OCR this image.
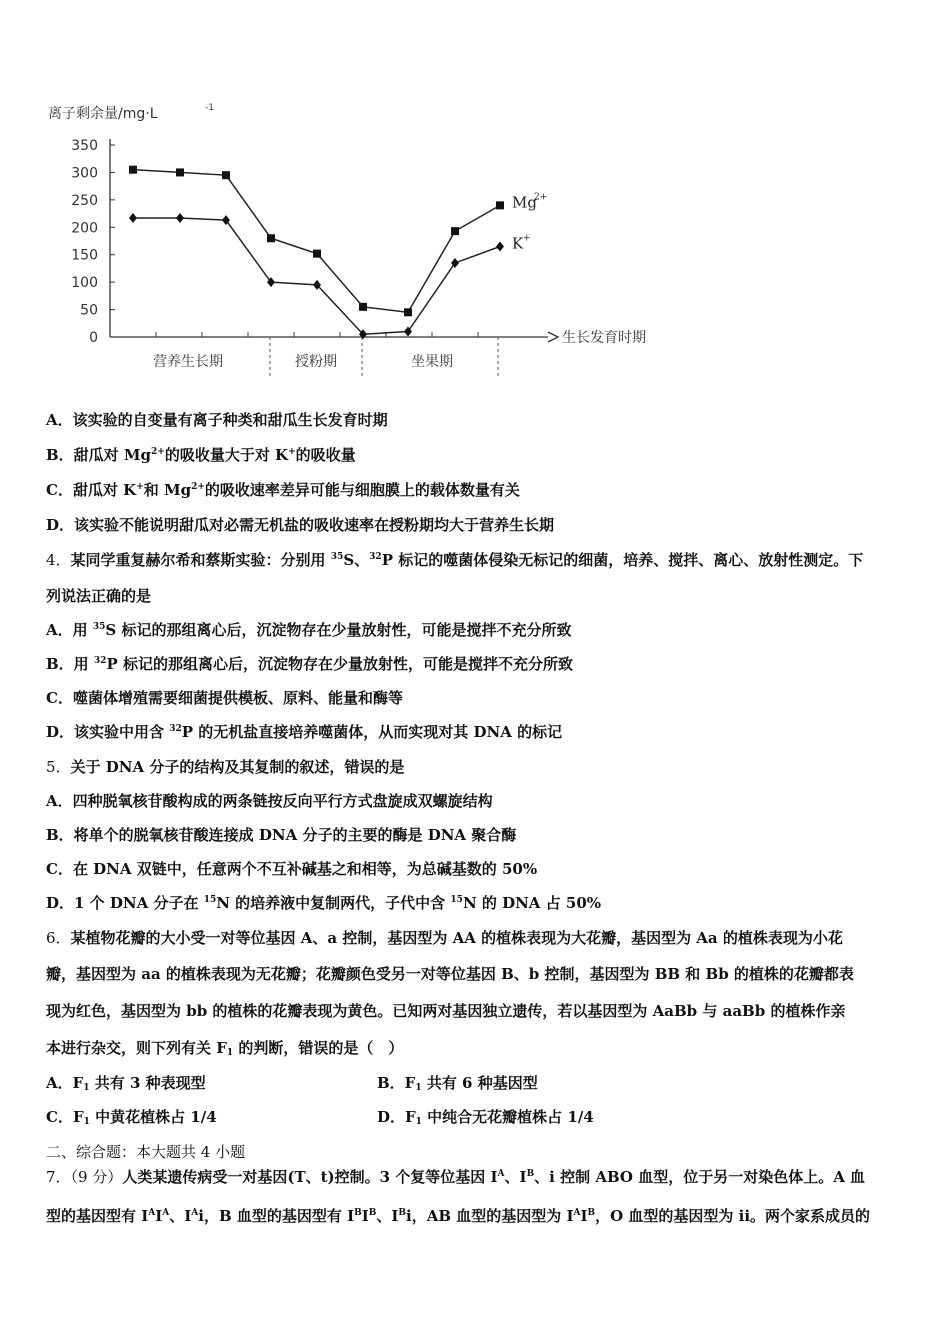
350
300
250
200
150
100
50
0
离子剩余量/mg·L	-1
生长发育时期
营养生长期	授粉期	坐果期
Mg
2+
K +
A．该实验的自变量有离子种类和甜瓜生长发育时期
B．甜瓜对 $Mg^{2+}$的吸收量大于对 K+的吸收量
C．甜瓜对 K+和 $Mg^{2+}$的吸收速率差异可能与细胞膜上的载体数量有关
D．该实验不能说明甜瓜对必需无机盐的吸收速率在授粉期均大于营养生长期
4．某同学重复赫尔希和蔡斯实验：分别用 $^{35}$S、$^{32}$P 标记的噬菌体侵染无标记的细菌，培养、搅拌、离心、放射性测定。下
列说法正确的是
A．用 $^{35}$S 标记的那组离心后，沉淀物存在少量放射性，可能是搅拌不充分所致
B．用 $^{32}$P 标记的那组离心后，沉淀物存在少量放射性，可能是搅拌不充分所致
C．噬菌体增殖需要细菌提供模板、原料、能量和酶等
D．该实验中用含 $^{32}$P 的无机盐直接培养噬菌体，从而实现对其 DNA 的标记
5．关于 DNA 分子的结构及其复制的叙述，错误的是
A．四种脱氧核苷酸构成的两条链按反向平行方式盘旋成双螺旋结构
B．将单个的脱氧核苷酸连接成 DNA 分子的主要的酶是 DNA 聚合酶
C．在 DNA 双链中，任意两个不互补碱基之和相等，为总碱基数的 50%
D．1 个 DNA 分子在 $^{15}$N 的培养液中复制两代，子代中含 $^{15}$N 的 DNA 占 50%
6．某植物花瓣的大小受一对等位基因 A、a 控制，基因型为 AA 的植株表现为大花瓣，基因型为 Aa 的植株表现为小花
瓣，基因型为 aa 的植株表现为无花瓣；花瓣颜色受另一对等位基因 B、b 控制，基因型为 BB 和 Bb 的植株的花瓣都表
现为红色，基因型为 bb 的植株的花瓣表现为黄色。已知两对基因独立遗传，若以基因型为 AaBb 与 aaBb 的植株作亲
本进行杂交，则下列有关 $F_1$ 的判断，错误的是（　）
A．$F_1$ 共有 3 种表现型	B．$F_1$ 共有 6 种基因型
C．$F_1$ 中黄花植株占 1/4	D．$F_1$ 中纯合无花瓣植株占 1/4
二、综合题：本大题共 4 小题
7．（9 分）人类某遗传病受一对基因(T、t)控制。3 个复等位基因 $I^A$、$I^B$、i 控制 ABO 血型，位于另一对染色体上。A 血
型的基因型有 $I^AI^A$、$I^Ai$，B 血型的基因型有 $I^BI^B$、$I^Bi$，AB 血型的基因型为 $I^AI^B$，O 血型的基因型为 ii。两个家系成员的
